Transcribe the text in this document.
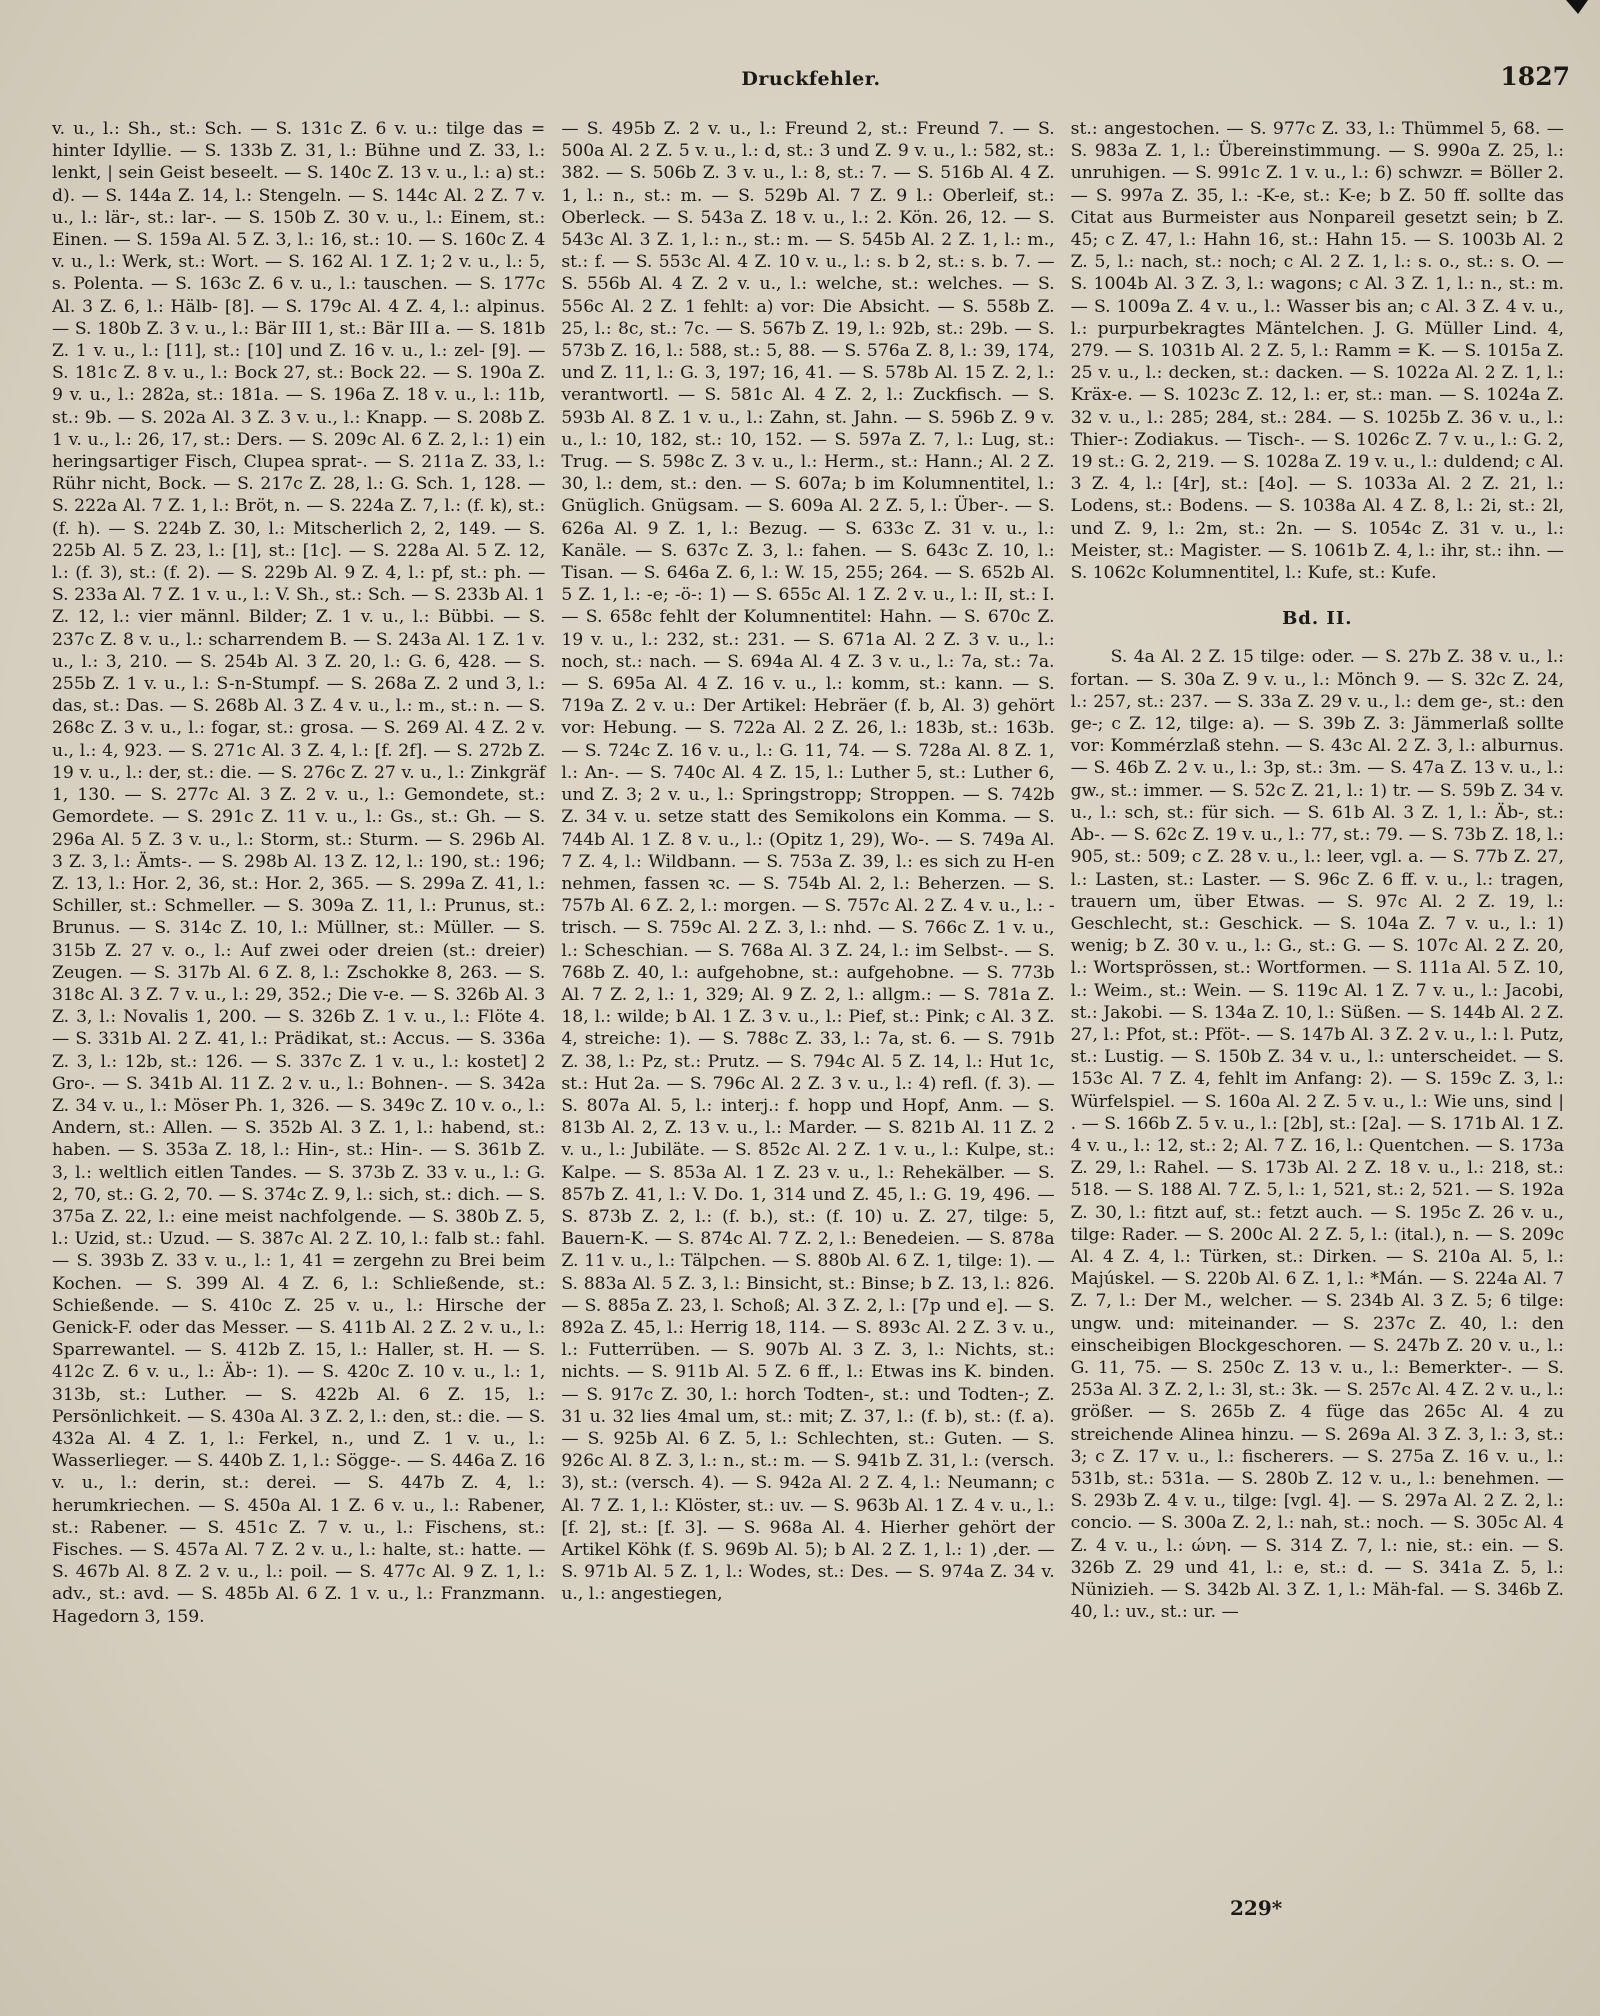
Druckfehler.	1827

v. u., l.: Sh., st.: Sch. — S. 131c Z. 6 v. u.: tilge das = hinter Idyllie. — S. 133b Z. 31, l.: Bühne und Z. 33, l.: lenkt, | sein Geist beseelt. — S. 140c Z. 13 v. u., l.: a) st.: d). — S. 144a Z. 14, l.: Stengeln. — S. 144c Al. 2 Z. 7 v. u., l.: lär-, st.: lar-. — S. 150b Z. 30 v. u., l.: Einem, st.: Einen. — S. 159a Al. 5 Z. 3, l.: 16, st.: 10. — S. 160c Z. 4 v. u., l.: Werk, st.: Wort. — S. 162 Al. 1 Z. 1; 2 v. u., l.: 5, s. Polenta. — S. 163c Z. 6 v. u., l.: tauschen. — S. 177c Al. 3 Z. 6, l.: Hälb- [8]. — S. 179c Al. 4 Z. 4, l.: alpinus. — S. 180b Z. 3 v. u., l.: Bär III 1, st.: Bär III a. — S. 181b Z. 1 v. u., l.: [11], st.: [10] und Z. 16 v. u., l.: zel- [9]. — S. 181c Z. 8 v. u., l.: Bock 27, st.: Bock 22. — S. 190a Z. 9 v. u., l.: 282a, st.: 181a. — S. 196a Z. 18 v. u., l.: 11b, st.: 9b. — S. 202a Al. 3 Z. 3 v. u., l.: Knapp. — S. 208b Z. 1 v. u., l.: 26, 17, st.: Ders. — S. 209c Al. 6 Z. 2, l.: 1) ein heringsartiger Fisch, Clupea sprat-. — S. 211a Z. 33, l.: Rühr nicht, Bock. — S. 217c Z. 28, l.: G. Sch. 1, 128. — S. 222a Al. 7 Z. 1, l.: Bröt, n. — S. 224a Z. 7, l.: (f. k), st.: (f. h). — S. 224b Z. 30, l.: Mitscherlich 2, 2, 149. — S. 225b Al. 5 Z. 23, l.: [1], st.: [1c]. — S. 228a Al. 5 Z. 12, l.: (f. 3), st.: (f. 2). — S. 229b Al. 9 Z. 4, l.: pf, st.: ph. — S. 233a Al. 7 Z. 1 v. u., l.: V. Sh., st.: Sch. — S. 233b Al. 1 Z. 12, l.: vier männl. Bilder; Z. 1 v. u., l.: Bübbi. — S. 237c Z. 8 v. u., l.: scharrendem B. — S. 243a Al. 1 Z. 1 v. u., l.: 3, 210. — S. 254b Al. 3 Z. 20, l.: G. 6, 428. — S. 255b Z. 1 v. u., l.: S-n-Stumpf. — S. 268a Z. 2 und 3, l.: das, st.: Das. — S. 268b Al. 3 Z. 4 v. u., l.: m., st.: n. — S. 268c Z. 3 v. u., l.: fogar, st.: grosa. — S. 269 Al. 4 Z. 2 v. u., l.: 4, 923. — S. 271c Al. 3 Z. 4, l.: [f. 2f]. — S. 272b Z. 19 v. u., l.: der, st.: die. — S. 276c Z. 27 v. u., l.: Zinkgräf 1, 130. — S. 277c Al. 3 Z. 2 v. u., l.: Gemondete, st.: Gemordete. — S. 291c Z. 11 v. u., l.: Gs., st.: Gh. — S. 296a Al. 5 Z. 3 v. u., l.: Storm, st.: Sturm. — S. 296b Al. 3 Z. 3, l.: Ämts-. — S. 298b Al. 13 Z. 12, l.: 190, st.: 196; Z. 13, l.: Hor. 2, 36, st.: Hor. 2, 365. — S. 299a Z. 41, l.: Schiller, st.: Schmeller. — S. 309a Z. 11, l.: Prunus, st.: Brunus. — S. 314c Z. 10, l.: Müllner, st.: Müller. — S. 315b Z. 27 v. o., l.: Auf zwei oder dreien (st.: dreier) Zeugen. — S. 317b Al. 6 Z. 8, l.: Zschokke 8, 263. — S. 318c Al. 3 Z. 7 v. u., l.: 29, 352.; Die v-e. — S. 326b Al. 3 Z. 3, l.: Novalis 1, 200. — S. 326b Z. 1 v. u., l.: Flöte 4. — S. 331b Al. 2 Z. 41, l.: Prädikat, st.: Accus. — S. 336a Z. 3, l.: 12b, st.: 126. — S. 337c Z. 1 v. u., l.: kostet] 2 Gro-. — S. 341b Al. 11 Z. 2 v. u., l.: Bohnen-. — S. 342a Z. 34 v. u., l.: Möser Ph. 1, 326. — S. 349c Z. 10 v. o., l.: Andern, st.: Allen. — S. 352b Al. 3 Z. 1, l.: habend, st.: haben. — S. 353a Z. 18, l.: Hin-, st.: Hin-. — S. 361b Z. 3, l.: weltlich eitlen Tandes. — S. 373b Z. 33 v. u., l.: G. 2, 70, st.: G. 2, 70. — S. 374c Z. 9, l.: sich, st.: dich. — S. 375a Z. 22, l.: eine meist nachfolgende. — S. 380b Z. 5, l.: Uzid, st.: Uzud. — S. 387c Al. 2 Z. 10, l.: falb st.: fahl. — S. 393b Z. 33 v. u., l.: 1, 41 = zergehn zu Brei beim Kochen. — S. 399 Al. 4 Z. 6, l.: Schließende, st.: Schießende. — S. 410c Z. 25 v. u., l.: Hirsche der Genick-F. oder das Messer. — S. 411b Al. 2 Z. 2 v. u., l.: Sparrewantel. — S. 412b Z. 15, l.: Haller, st. H. — S. 412c Z. 6 v. u., l.: Äb-: 1). — S. 420c Z. 10 v. u., l.: 1, 313b, st.: Luther. — S. 422b Al. 6 Z. 15, l.: Persönlichkeit. — S. 430a Al. 3 Z. 2, l.: den, st.: die. — S. 432a Al. 4 Z. 1, l.: Ferkel, n., und Z. 1 v. u., l.: Wasserlieger. — S. 440b Z. 1, l.: Sögge-. — S. 446a Z. 16 v. u., l.: derin, st.: derei. — S. 447b Z. 4, l.: herumkriechen. — S. 450a Al. 1 Z. 6 v. u., l.: Rabener, st.: Rabener. — S. 451c Z. 7 v. u., l.: Fischens, st.: Fisches. — S. 457a Al. 7 Z. 2 v. u., l.: halte, st.: hatte. — S. 467b Al. 8 Z. 2 v. u., l.: poil. — S. 477c Al. 9 Z. 1, l.: adv., st.: avd. — S. 485b Al. 6 Z. 1 v. u., l.: Franzmann. Hagedorn 3, 159.

— S. 495b Z. 2 v. u., l.: Freund 2, st.: Freund 7. — S. 500a Al. 2 Z. 5 v. u., l.: d, st.: 3 und Z. 9 v. u., l.: 582, st.: 382. — S. 506b Z. 3 v. u., l.: 8, st.: 7. — S. 516b Al. 4 Z. 1, l.: n., st.: m. — S. 529b Al. 7 Z. 9 l.: Oberleif, st.: Oberleck. — S. 543a Z. 18 v. u., l.: 2. Kön. 26, 12. — S. 543c Al. 3 Z. 1, l.: n., st.: m. — S. 545b Al. 2 Z. 1, l.: m., st.: f. — S. 553c Al. 4 Z. 10 v. u., l.: s. b 2, st.: s. b. 7. — S. 556b Al. 4 Z. 2 v. u., l.: welche, st.: welches. — S. 556c Al. 2 Z. 1 fehlt: a) vor: Die Absicht. — S. 558b Z. 25, l.: 8c, st.: 7c. — S. 567b Z. 19, l.: 92b, st.: 29b. — S. 573b Z. 16, l.: 588, st.: 5, 88. — S. 576a Z. 8, l.: 39, 174, und Z. 11, l.: G. 3, 197; 16, 41. — S. 578b Al. 15 Z. 2, l.: verantwortl. — S. 581c Al. 4 Z. 2, l.: Zuckfisch. — S. 593b Al. 8 Z. 1 v. u., l.: Zahn, st. Jahn. — S. 596b Z. 9 v. u., l.: 10, 182, st.: 10, 152. — S. 597a Z. 7, l.: Lug, st.: Trug. — S. 598c Z. 3 v. u., l.: Herm., st.: Hann.; Al. 2 Z. 30, l.: dem, st.: den. — S. 607a; b im Kolumnentitel, l.: Gnüglich. Gnügsam. — S. 609a Al. 2 Z. 5, l.: Über-. — S. 626a Al. 9 Z. 1, l.: Bezug. — S. 633c Z. 31 v. u., l.: Kanäle. — S. 637c Z. 3, l.: fahen. — S. 643c Z. 10, l.: Tisan. — S. 646a Z. 6, l.: W. 15, 255; 264. — S. 652b Al. 5 Z. 1, l.: -e; -ö-: 1) — S. 655c Al. 1 Z. 2 v. u., l.: II, st.: I. — S. 658c fehlt der Kolumnentitel: Hahn. — S. 670c Z. 19 v. u., l.: 232, st.: 231. — S. 671a Al. 2 Z. 3 v. u., l.: noch, st.: nach. — S. 694a Al. 4 Z. 3 v. u., l.: 7a, st.: 7a. — S. 695a Al. 4 Z. 16 v. u., l.: komm, st.: kann. — S. 719a Z. 2 v. u.: Der Artikel: Hebräer (f. b, Al. 3) gehört vor: Hebung. — S. 722a Al. 2 Z. 26, l.: 183b, st.: 163b. — S. 724c Z. 16 v. u., l.: G. 11, 74. — S. 728a Al. 8 Z. 1, l.: An-. — S. 740c Al. 4 Z. 15, l.: Luther 5, st.: Luther 6, und Z. 3; 2 v. u., l.: Springstropp; Stroppen. — S. 742b Z. 34 v. u. setze statt des Semikolons ein Komma. — S. 744b Al. 1 Z. 8 v. u., l.: (Opitz 1, 29), Wo-. — S. 749a Al. 7 Z. 4, l.: Wildbann. — S. 753a Z. 39, l.: es sich zu H-en nehmen, fassen ꝛc. — S. 754b Al. 2, l.: Beherzen. — S. 757b Al. 6 Z. 2, l.: morgen. — S. 757c Al. 2 Z. 4 v. u., l.: -trisch. — S. 759c Al. 2 Z. 3, l.: nhd. — S. 766c Z. 1 v. u., l.: Scheschian. — S. 768a Al. 3 Z. 24, l.: im Selbst-. — S. 768b Z. 40, l.: aufgehobne, st.: aufgehobne. — S. 773b Al. 7 Z. 2, l.: 1, 329; Al. 9 Z. 2, l.: allgm.: — S. 781a Z. 18, l.: wilde; b Al. 1 Z. 3 v. u., l.: Pief, st.: Pink; c Al. 3 Z. 4, streiche: 1). — S. 788c Z. 33, l.: 7a, st. 6. — S. 791b Z. 38, l.: Pz, st.: Prutz. — S. 794c Al. 5 Z. 14, l.: Hut 1c, st.: Hut 2a. — S. 796c Al. 2 Z. 3 v. u., l.: 4) refl. (f. 3). — S. 807a Al. 5, l.: interj.: f. hopp und Hopf, Anm. — S. 813b Al. 2, Z. 13 v. u., l.: Marder. — S. 821b Al. 11 Z. 2 v. u., l.: Jubiläte. — S. 852c Al. 2 Z. 1 v. u., l.: Kulpe, st.: Kalpe. — S. 853a Al. 1 Z. 23 v. u., l.: Rehekälber. — S. 857b Z. 41, l.: V. Do. 1, 314 und Z. 45, l.: G. 19, 496. — S. 873b Z. 2, l.: (f. b.), st.: (f. 10) u. Z. 27, tilge: 5, Bauern-K. — S. 874c Al. 7 Z. 2, l.: Benedeien. — S. 878a Z. 11 v. u., l.: Tälpchen. — S. 880b Al. 6 Z. 1, tilge: 1). — S. 883a Al. 5 Z. 3, l.: Binsicht, st.: Binse; b Z. 13, l.: 826. — S. 885a Z. 23, l. Schoß; Al. 3 Z. 2, l.: [7p und e]. — S. 892a Z. 45, l.: Herrig 18, 114. — S. 893c Al. 2 Z. 3 v. u., l.: Futterrüben. — S. 907b Al. 3 Z. 3, l.: Nichts, st.: nichts. — S. 911b Al. 5 Z. 6 ff., l.: Etwas ins K. binden. — S. 917c Z. 30, l.: horch Todten-, st.: und Todten-; Z. 31 u. 32 lies 4mal um, st.: mit; Z. 37, l.: (f. b), st.: (f. a). — S. 925b Al. 6 Z. 5, l.: Schlechten, st.: Guten. — S. 926c Al. 8 Z. 3, l.: n., st.: m. — S. 941b Z. 31, l.: (versch. 3), st.: (versch. 4). — S. 942a Al. 2 Z. 4, l.: Neumann; c Al. 7 Z. 1, l.: Klöster, st.: uv. — S. 963b Al. 1 Z. 4 v. u., l.: [f. 2], st.: [f. 3]. — S. 968a Al. 4. Hierher gehört der Artikel Köhk (f. S. 969b Al. 5); b Al. 2 Z. 1, l.: 1) ,der. — S. 971b Al. 5 Z. 1, l.: Wodes, st.: Des. — S. 974a Z. 34 v. u., l.: angestiegen,

st.: angestochen. — S. 977c Z. 33, l.: Thümmel 5, 68. — S. 983a Z. 1, l.: Übereinstimmung. — S. 990a Z. 25, l.: unruhigen. — S. 991c Z. 1 v. u., l.: 6) schwzr. = Böller 2. — S. 997a Z. 35, l.: -K-e, st.: K-e; b Z. 50 ff. sollte das Citat aus Burmeister aus Nonpareil gesetzt sein; b Z. 45; c Z. 47, l.: Hahn 16, st.: Hahn 15. — S. 1003b Al. 2 Z. 5, l.: nach, st.: noch; c Al. 2 Z. 1, l.: s. o., st.: s. O. — S. 1004b Al. 3 Z. 3, l.: wagons; c Al. 3 Z. 1, l.: n., st.: m. — S. 1009a Z. 4 v. u., l.: Wasser bis an; c Al. 3 Z. 4 v. u., l.: purpurbekragtes Mäntelchen. J. G. Müller Lind. 4, 279. — S. 1031b Al. 2 Z. 5, l.: Ramm = K. — S. 1015a Z. 25 v. u., l.: decken, st.: dacken. — S. 1022a Al. 2 Z. 1, l.: Kräx-e. — S. 1023c Z. 12, l.: er, st.: man. — S. 1024a Z. 32 v. u., l.: 285; 284, st.: 284. — S. 1025b Z. 36 v. u., l.: Thier-: Zodiakus. — Tisch-. — S. 1026c Z. 7 v. u., l.: G. 2, 19 st.: G. 2, 219. — S. 1028a Z. 19 v. u., l.: duldend; c Al. 3 Z. 4, l.: [4r], st.: [4o]. — S. 1033a Al. 2 Z. 21, l.: Lodens, st.: Bodens. — S. 1038a Al. 4 Z. 8, l.: 2i, st.: 2l, und Z. 9, l.: 2m, st.: 2n. — S. 1054c Z. 31 v. u., l.: Meister, st.: Magister. — S. 1061b Z. 4, l.: ihr, st.: ihn. — S. 1062c Kolumnentitel, l.: Kufe, st.: Kufe.

Bd. II.

S. 4a Al. 2 Z. 15 tilge: oder. — S. 27b Z. 38 v. u., l.: fortan. — S. 30a Z. 9 v. u., l.: Mönch 9. — S. 32c Z. 24, l.: 257, st.: 237. — S. 33a Z. 29 v. u., l.: dem ge-, st.: den ge-; c Z. 12, tilge: a). — S. 39b Z. 3: Jämmerlaß sollte vor: Kommérzlaß stehn. — S. 43c Al. 2 Z. 3, l.: alburnus. — S. 46b Z. 2 v. u., l.: 3p, st.: 3m. — S. 47a Z. 13 v. u., l.: gw., st.: immer. — S. 52c Z. 21, l.: 1) tr. — S. 59b Z. 34 v. u., l.: sch, st.: für sich. — S. 61b Al. 3 Z. 1, l.: Äb-, st.: Ab-. — S. 62c Z. 19 v. u., l.: 77, st.: 79. — S. 73b Z. 18, l.: 905, st.: 509; c Z. 28 v. u., l.: leer, vgl. a. — S. 77b Z. 27, l.: Lasten, st.: Laster. — S. 96c Z. 6 ff. v. u., l.: tragen, trauern um, über Etwas. — S. 97c Al. 2 Z. 19, l.: Geschlecht, st.: Geschick. — S. 104a Z. 7 v. u., l.: 1) wenig; b Z. 30 v. u., l.: G., st.: G. — S. 107c Al. 2 Z. 20, l.: Wortsprössen, st.: Wortformen. — S. 111a Al. 5 Z. 10, l.: Weim., st.: Wein. — S. 119c Al. 1 Z. 7 v. u., l.: Jacobi, st.: Jakobi. — S. 134a Z. 10, l.: Süßen. — S. 144b Al. 2 Z. 27, l.: Pfot, st.: Pföt-. — S. 147b Al. 3 Z. 2 v. u., l.: l. Putz, st.: Lustig. — S. 150b Z. 34 v. u., l.: unterscheidet. — S. 153c Al. 7 Z. 4, fehlt im Anfang: 2). — S. 159c Z. 3, l.: Würfelspiel. — S. 160a Al. 2 Z. 5 v. u., l.: Wie uns, sind | . — S. 166b Z. 5 v. u., l.: [2b], st.: [2a]. — S. 171b Al. 1 Z. 4 v. u., l.: 12, st.: 2; Al. 7 Z. 16, l.: Quentchen. — S. 173a Z. 29, l.: Rahel. — S. 173b Al. 2 Z. 18 v. u., l.: 218, st.: 518. — S. 188 Al. 7 Z. 5, l.: 1, 521, st.: 2, 521. — S. 192a Z. 30, l.: fitzt auf, st.: fetzt auch. — S. 195c Z. 26 v. u., tilge: Rader. — S. 200c Al. 2 Z. 5, l.: (ital.), n. — S. 209c Al. 4 Z. 4, l.: Türken, st.: Dirken. — S. 210a Al. 5, l.: Majúskel. — S. 220b Al. 6 Z. 1, l.: *Mán. — S. 224a Al. 7 Z. 7, l.: Der M., welcher. — S. 234b Al. 3 Z. 5; 6 tilge: ungw. und: miteinander. — S. 237c Z. 40, l.: den einscheibigen Blockgeschoren. — S. 247b Z. 20 v. u., l.: G. 11, 75. — S. 250c Z. 13 v. u., l.: Bemerkter-. — S. 253a Al. 3 Z. 2, l.: 3l, st.: 3k. — S. 257c Al. 4 Z. 2 v. u., l.: größer. — S. 265b Z. 4 füge das 265c Al. 4 zu streichende Alinea hinzu. — S. 269a Al. 3 Z. 3, l.: 3, st.: 3; c Z. 17 v. u., l.: fischerers. — S. 275a Z. 16 v. u., l.: 531b, st.: 531a. — S. 280b Z. 12 v. u., l.: benehmen. — S. 293b Z. 4 v. u., tilge: [vgl. 4]. — S. 297a Al. 2 Z. 2, l.: concio. — S. 300a Z. 2, l.: nah, st.: noch. — S. 305c Al. 4 Z. 4 v. u., l.: ώνη. — S. 314 Z. 7, l.: nie, st.: ein. — S. 326b Z. 29 und 41, l.: e, st.: d. — S. 341a Z. 5, l.: Nünizieh. — S. 342b Al. 3 Z. 1, l.: Mäh-fal. — S. 346b Z. 40, l.: uv., st.: ur. —

229*
